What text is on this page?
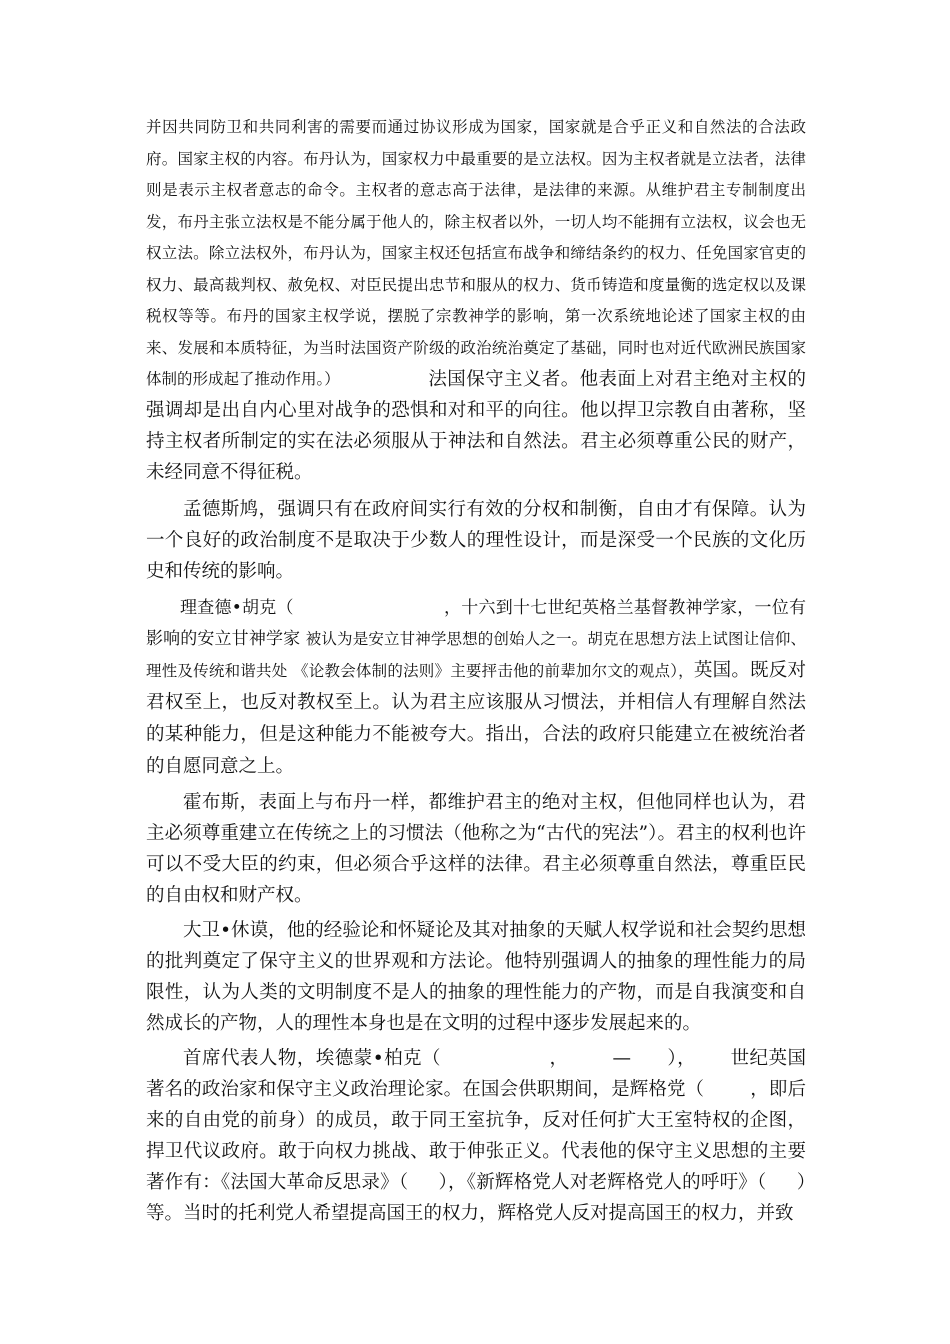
并因共同防卫和共同利害的需要而通过协议形成为国家，国家就是合乎正义和自然法的合法政府。国家主权的内容。布丹认为，国家权力中最重要的是立法权。因为主权者就是立法者，法律则是表示主权者意志的命令。主权者的意志高于法律，是法律的来源。从维护君主专制制度出发，布丹主张立法权是不能分属于他人的，除主权者以外，一切人均不能拥有立法权，议会也无权立法。除立法权外，布丹认为，国家主权还包括宣布战争和缔结条约的权力、任免国家官吏的权力、最高裁判权、赦免权、对臣民提出忠节和服从的权力、货币铸造和度量衡的选定权以及课税权等等。布丹的国家主权学说，摆脱了宗教神学的影响，第一次系统地论述了国家主权的由来、发展和本质特征，为当时法国资产阶级的政治统治奠定了基础，同时也对近代欧洲民族国家体制的形成起了推动作用。）	法国保守主义者。他表面上对君主绝对主权的强调却是出自内心里对战争的恐惧和对和平的向往。他以捍卫宗教自由著称，坚持主权者所制定的实在法必须服从于神法和自然法。君主必须尊重公民的财产，未经同意不得征税。

孟德斯鸠，强调只有在政府间实行有效的分权和制衡，自由才有保障。认为一个良好的政治制度不是取决于少数人的理性设计，而是深受一个民族的文化历史和传统的影响。

理查德•胡克（	，十六到十七世纪英格兰基督教神学家，一位有影响的安立甘神学家 被认为是安立甘神学思想的创始人之一。胡克在思想方法上试图让信仰、理性及传统和谐共处 《论教会体制的法则》主要抨击他的前辈加尔文的观点），英国。既反对君权至上，也反对教权至上。认为君主应该服从习惯法，并相信人有理解自然法的某种能力，但是这种能力不能被夸大。指出，合法的政府只能建立在被统治者的自愿同意之上。

霍布斯，表面上与布丹一样，都维护君主的绝对主权，但他同样也认为，君主必须尊重建立在传统之上的习惯法（他称之为“古代的宪法”）。君主的权利也许可以不受大臣的约束，但必须合乎这样的法律。君主必须尊重自然法，尊重臣民的自由权和财产权。

大卫•休谟，他的经验论和怀疑论及其对抽象的天赋人权学说和社会契约思想的批判奠定了保守主义的世界观和方法论。他特别强调人的抽象的理性能力的局限性，认为人类的文明制度不是人的抽象的理性能力的产物，而是自我演变和自然成长的产物，人的理性本身也是在文明的过程中逐步发展起来的。

首席代表人物，埃德蒙•柏克（	， — ）， 世纪英国著名的政治家和保守主义政治理论家。在国会供职期间，是辉格党（ ，即后来的自由党的前身）的成员，敢于同王室抗争，反对任何扩大王室特权的企图，捍卫代议政府。敢于向权力挑战、敢于伸张正义。代表他的保守主义思想的主要著作有：《法国大革命反思录》（ ），《新辉格党人对老辉格党人的呼吁》（ ）等。当时的托利党人希望提高国王的权力，辉格党人反对提高国王的权力，并致
